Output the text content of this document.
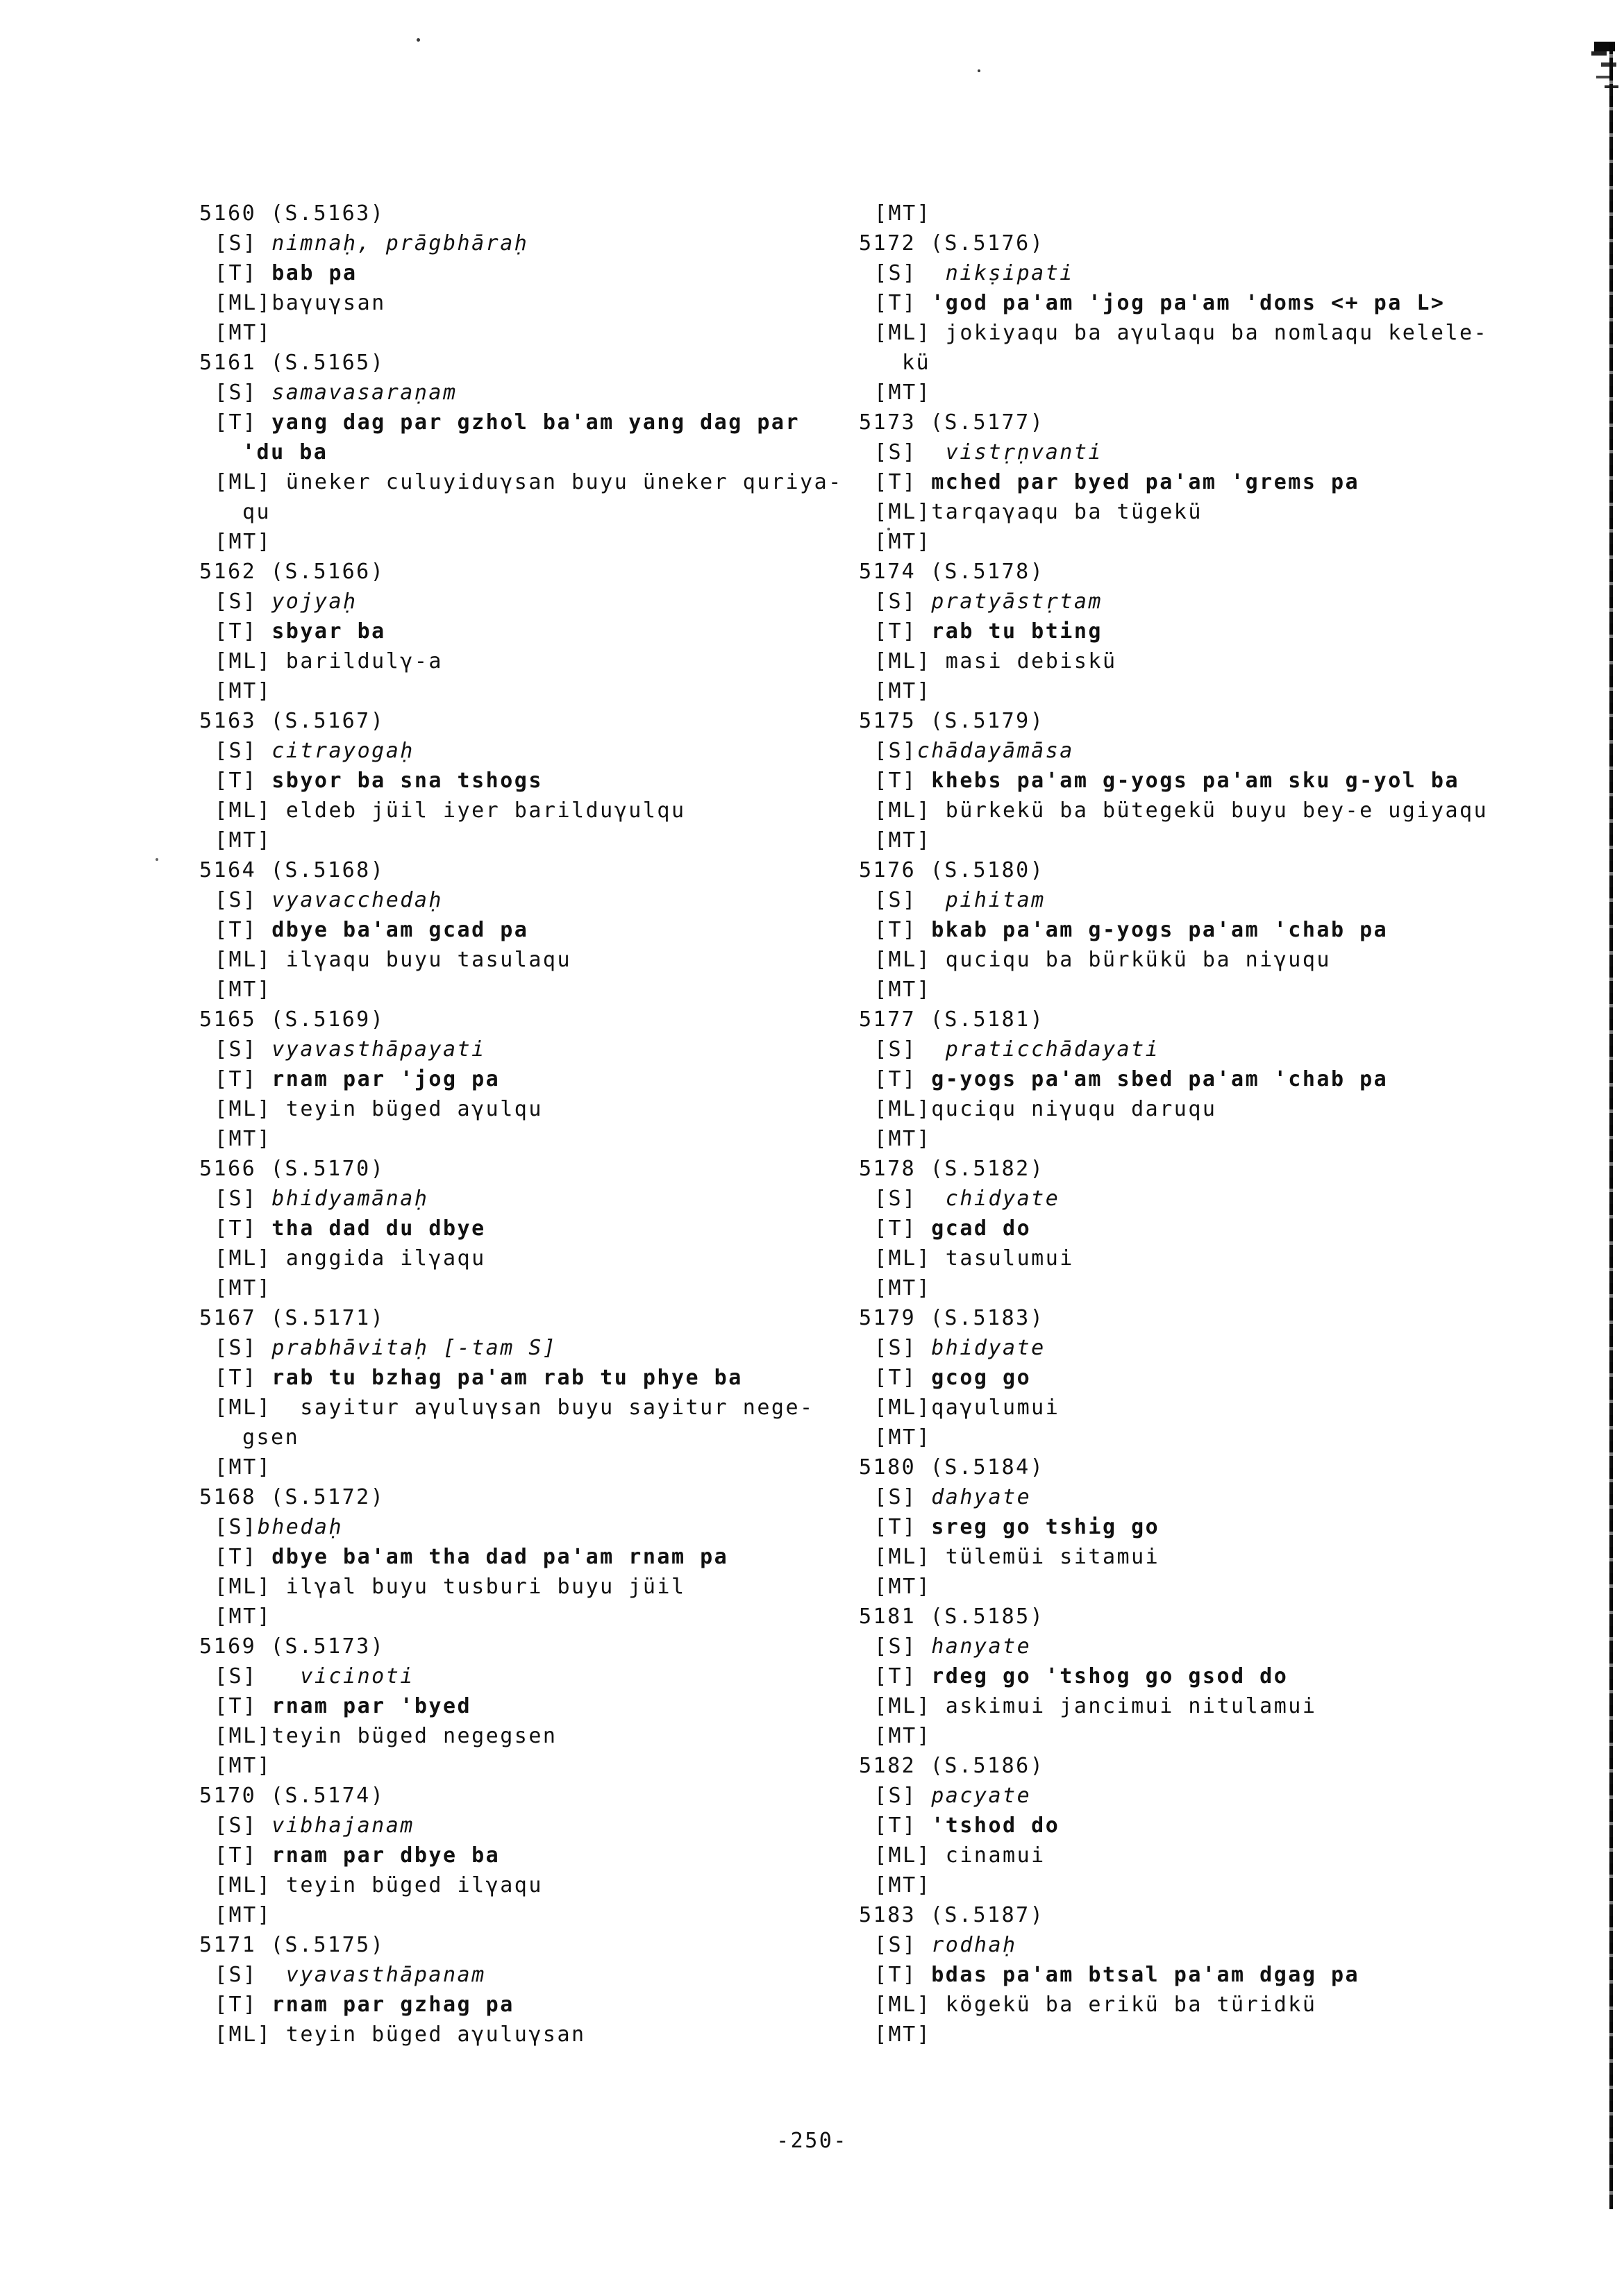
5160 (S.5163)
[S] nimnaḥ, prāgbhāraḥ
[T] bab pa
[ML]baγuγsan
[MT]
5161 (S.5165)
[S] samavasaraṇam
[T] yang dag par gzhol ba'am yang dag par
'du ba
[ML] üneker culuyiduγsan buyu üneker quriya-
qu
[MT]
5162 (S.5166)
[S] yojyaḥ
[T] sbyar ba
[ML] barildulγ-a
[MT]
5163 (S.5167)
[S] citrayogaḥ
[T] sbyor ba sna tshogs
[ML] eldeb jüil iyer barilduγulqu
[MT]
5164 (S.5168)
[S] vyavacchedaḥ
[T] dbye ba'am gcad pa
[ML] ilγaqu buyu tasulaqu
[MT]
5165 (S.5169)
[S] vyavasthāpayati
[T] rnam par 'jog pa
[ML] teyin büged aγulqu
[MT]
5166 (S.5170)
[S] bhidyamānaḥ
[T] tha dad du dbye
[ML] anggida ilγaqu
[MT]
5167 (S.5171)
[S] prabhāvitaḥ [-tam S]
[T] rab tu bzhag pa'am rab tu phye ba
[ML]  sayitur aγuluγsan buyu sayitur nege-
gsen
[MT]
5168 (S.5172)
[S]bhedaḥ
[T] dbye ba'am tha dad pa'am rnam pa
[ML] ilγal buyu tusburi buyu jüil
[MT]
5169 (S.5173)
[S]   vicinoti
[T] rnam par 'byed
[ML]teyin büged negegsen
[MT]
5170 (S.5174)
[S] vibhajanam
[T] rnam par dbye ba
[ML] teyin büged ilγaqu
[MT]
5171 (S.5175)
[S]  vyavasthāpanam
[T] rnam par gzhag pa
[ML] teyin büged aγuluγsan
[MT]
5172 (S.5176)
[S]  nikṣipati
[T] 'god pa'am 'jog pa'am 'doms <+ pa L>
[ML] jokiyaqu ba aγulaqu ba nomlaqu kelele-
kü
[MT]
5173 (S.5177)
[S]  vistṛṇvanti
[T] mched par byed pa'am 'grems pa
[ML]tarqaγaqu ba tügekü
[MT]
5174 (S.5178)
[S] pratyāstṛtam
[T] rab tu bting
[ML] masi debiskü
[MT]
5175 (S.5179)
[S]chādayāmāsa
[T] khebs pa'am g-yogs pa'am sku g-yol ba
[ML] bürkekü ba bütegekü buyu bey-e ugiyaqu
[MT]
5176 (S.5180)
[S]  pihitam
[T] bkab pa'am g-yogs pa'am 'chab pa
[ML] quciqu ba bürkükü ba niγuqu
[MT]
5177 (S.5181)
[S]  praticchādayati
[T] g-yogs pa'am sbed pa'am 'chab pa
[ML]quciqu niγuqu daruqu
[MT]
5178 (S.5182)
[S]  chidyate
[T] gcad do
[ML] tasulumui
[MT]
5179 (S.5183)
[S] bhidyate
[T] gcog go
[ML]qaγulumui
[MT]
5180 (S.5184)
[S] dahyate
[T] sreg go tshig go
[ML] tülemüi sitamui
[MT]
5181 (S.5185)
[S] hanyate
[T] rdeg go 'tshog go gsod do
[ML] askimui jancimui nitulamui
[MT]
5182 (S.5186)
[S] pacyate
[T] 'tshod do
[ML] cinamui
[MT]
5183 (S.5187)
[S] rodhaḥ
[T] bdas pa'am btsal pa'am dgag pa
[ML] kögekü ba erikü ba türidkü
[MT]
-250-
